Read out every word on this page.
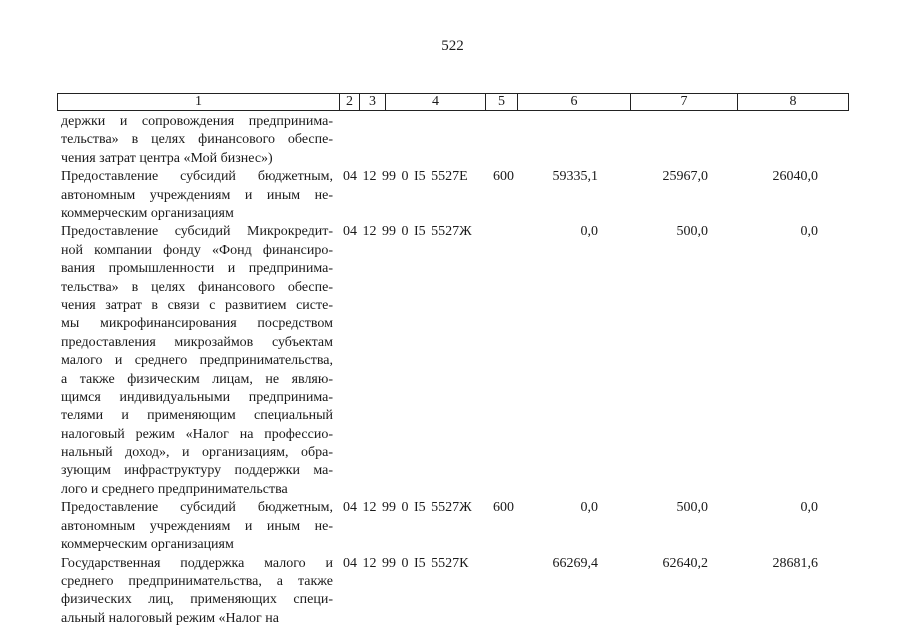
522
1	2	3	4	5	6	7	8
держки и сопровождения предпринима-
тельства» в целях финансового обеспе-
чения затрат центра «Мой бизнес»)
Предоставление субсидий бюджетным,
автономным учреждениям и иным не-
коммерческим организациям
04 12 99 0 I5 5527Е 600	59335,1	25967,0	26040,0
Предоставление субсидий Микрокредит-
ной компании фонду «Фонд финансиро-
вания промышленности и предпринима-
тельства» в целях финансового обеспе-
чения затрат в связи с развитием систе-
мы микрофинансирования посредством
предоставления микрозаймов субъектам
малого и среднего предпринимательства,
а также физическим лицам, не являю-
щимся индивидуальными предпринима-
телями и применяющим специальный
налоговый режим «Налог на профессио-
нальный доход», и организациям, обра-
зующим инфраструктуру поддержки ма-
лого и среднего предпринимательства
04 12 99 0 I5 5527Ж	0,0	500,0	0,0
Предоставление субсидий бюджетным,
автономным учреждениям и иным не-
коммерческим организациям
04 12 99 0 I5 5527Ж 600	0,0	500,0	0,0
Государственная поддержка малого и
среднего предпринимательства, а также
физических лиц, применяющих специ-
альный налоговый режим «Налог на
04 12 99 0 I5 5527К	66269,4	62640,2	28681,6
